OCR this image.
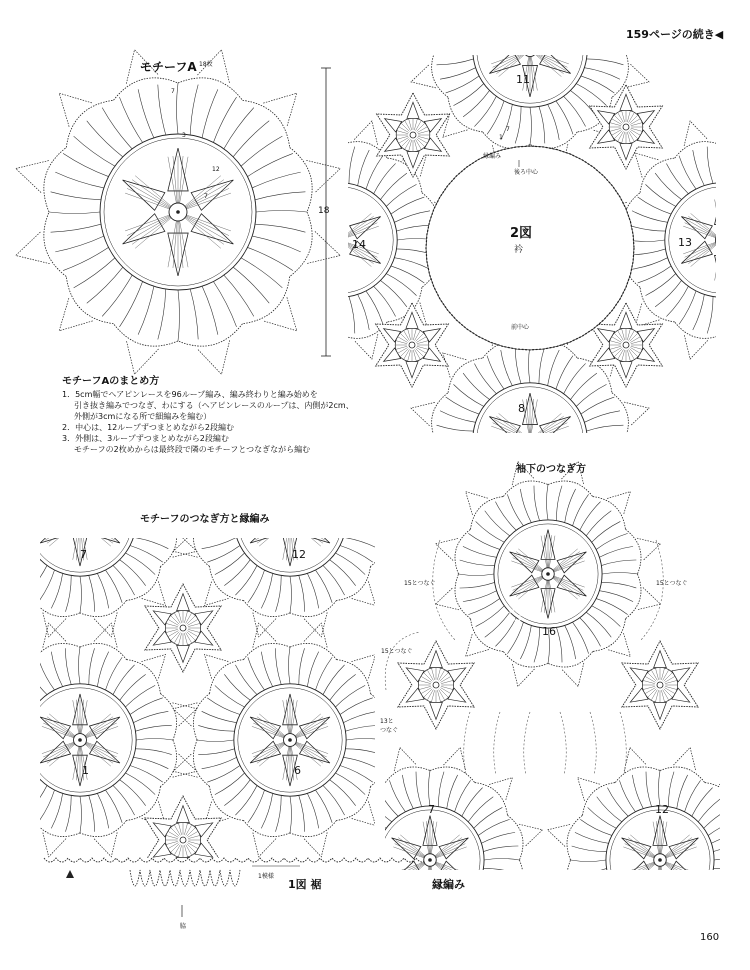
159ページの続き◀
モチーフA 18枚
18
7
3
12
7
モチーフAのまとめ方
1．5cm幅でヘアピンレースを96ループ編み、編み終わりと編み始めを
引き抜き編みでつなぎ、わにする（ヘアピンレースのループは、内側が2cm、
外側が3cmになる所で細編みを編む）
2．中心は、12ループずつまとめながら2段編む
3．外側は、3ループずつまとめながら2段編む
モチーフの2枚めからは最終段で隣のモチーフとつなぎながら編む
2図
衿
縁編み
後ろ中心
前中心
1
7
11
14	13
8
モチーフのつなぎ方と縁編み
7	12
1	6
1模様
1図 裾	縁編み
脇
袖下のつなぎ方
16
7	12
15とつなぐ	15とつなぐ
15とつなぐ
13と
つなぐ
160
